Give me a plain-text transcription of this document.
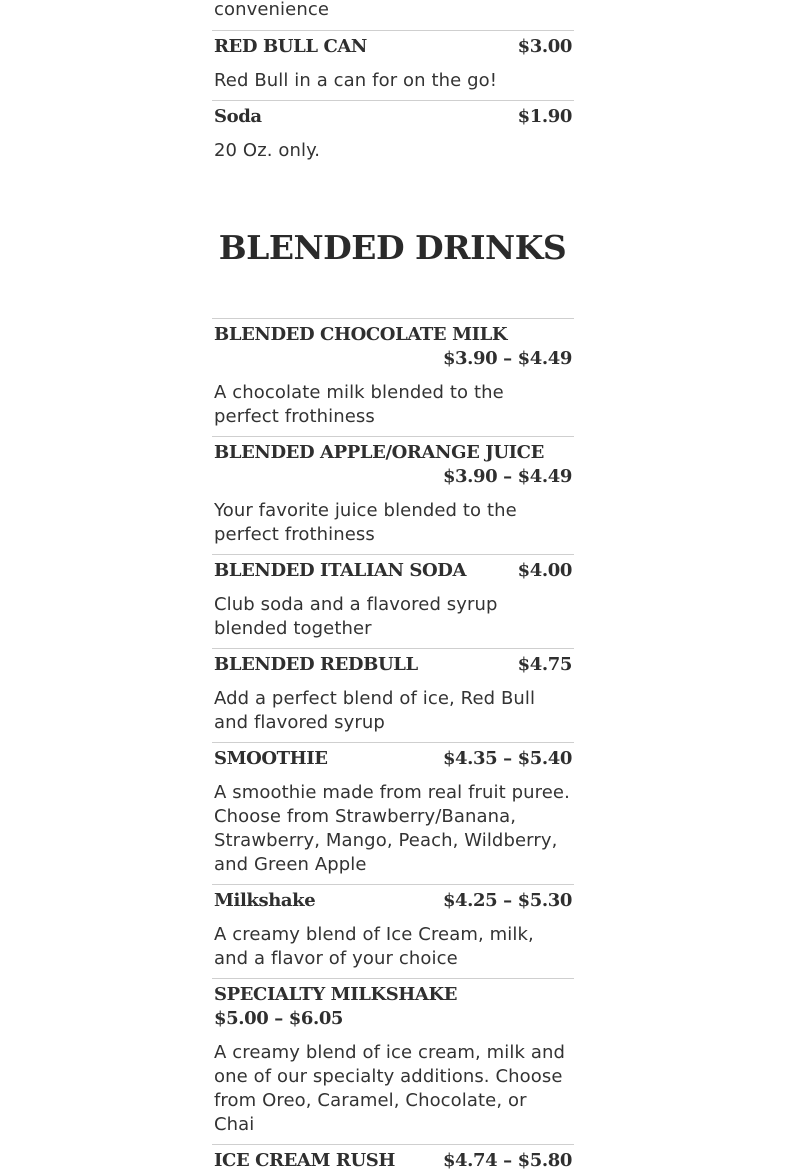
convenience

RED BULL CAN	$3.00

Red Bull in a can for on the go!

Soda	$1.90

20 Oz. only.

BLENDED DRINKS
BLENDED CHOCOLATE MILK
$3.90 – $4.49

A chocolate milk blended to the perfect frothiness

BLENDED APPLE/ORANGE JUICE
$3.90 – $4.49

Your favorite juice blended to the perfect frothiness

BLENDED ITALIAN SODA	$4.00

Club soda and a flavored syrup blended together

BLENDED REDBULL	$4.75

Add a perfect blend of ice, Red Bull and flavored syrup

SMOOTHIE	$4.35 – $5.40

A smoothie made from real fruit puree. Choose from Strawberry/Banana, Strawberry, Mango, Peach, Wildberry, and Green Apple

Milkshake	$4.25 – $5.30

A creamy blend of Ice Cream, milk, and a flavor of your choice

SPECIALTY MILKSHAKE
$5.00 – $6.05

A creamy blend of ice cream, milk and one of our specialty additions. Choose from Oreo, Caramel, Chocolate, or Chai

ICE CREAM RUSH	$4.74 – $5.80
